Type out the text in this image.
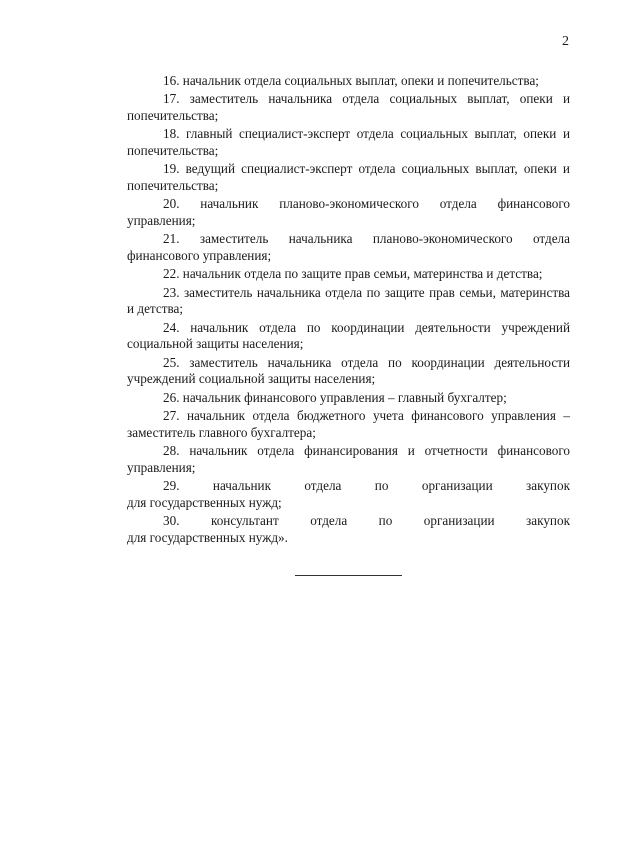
2

16. начальник отдела социальных выплат, опеки и попечительства;

17. заместитель начальника отдела социальных выплат, опеки и попечительства;

18. главный специалист-эксперт отдела социальных выплат, опеки и попечительства;

19. ведущий специалист-эксперт отдела социальных выплат, опеки и попечительства;

20. начальник планово-экономического отдела финансового управления;

21. заместитель начальника планово-экономического отдела финансового управления;

22. начальник отдела по защите прав семьи, материнства и детства;

23. заместитель начальника отдела по защите прав семьи, материнства и детства;

24. начальник отдела по координации деятельности учреждений социальной защиты населения;

25. заместитель начальника отдела по координации деятельности учреждений социальной защиты населения;

26. начальник финансового управления – главный бухгалтер;

27. начальник отдела бюджетного учета финансового управления – заместитель главного бухгалтера;

28. начальник отдела финансирования и отчетности финансового управления;

29. начальник отдела по организации закупок
для государственных нужд;

30. консультант отдела по организации закупок
для государственных нужд».
